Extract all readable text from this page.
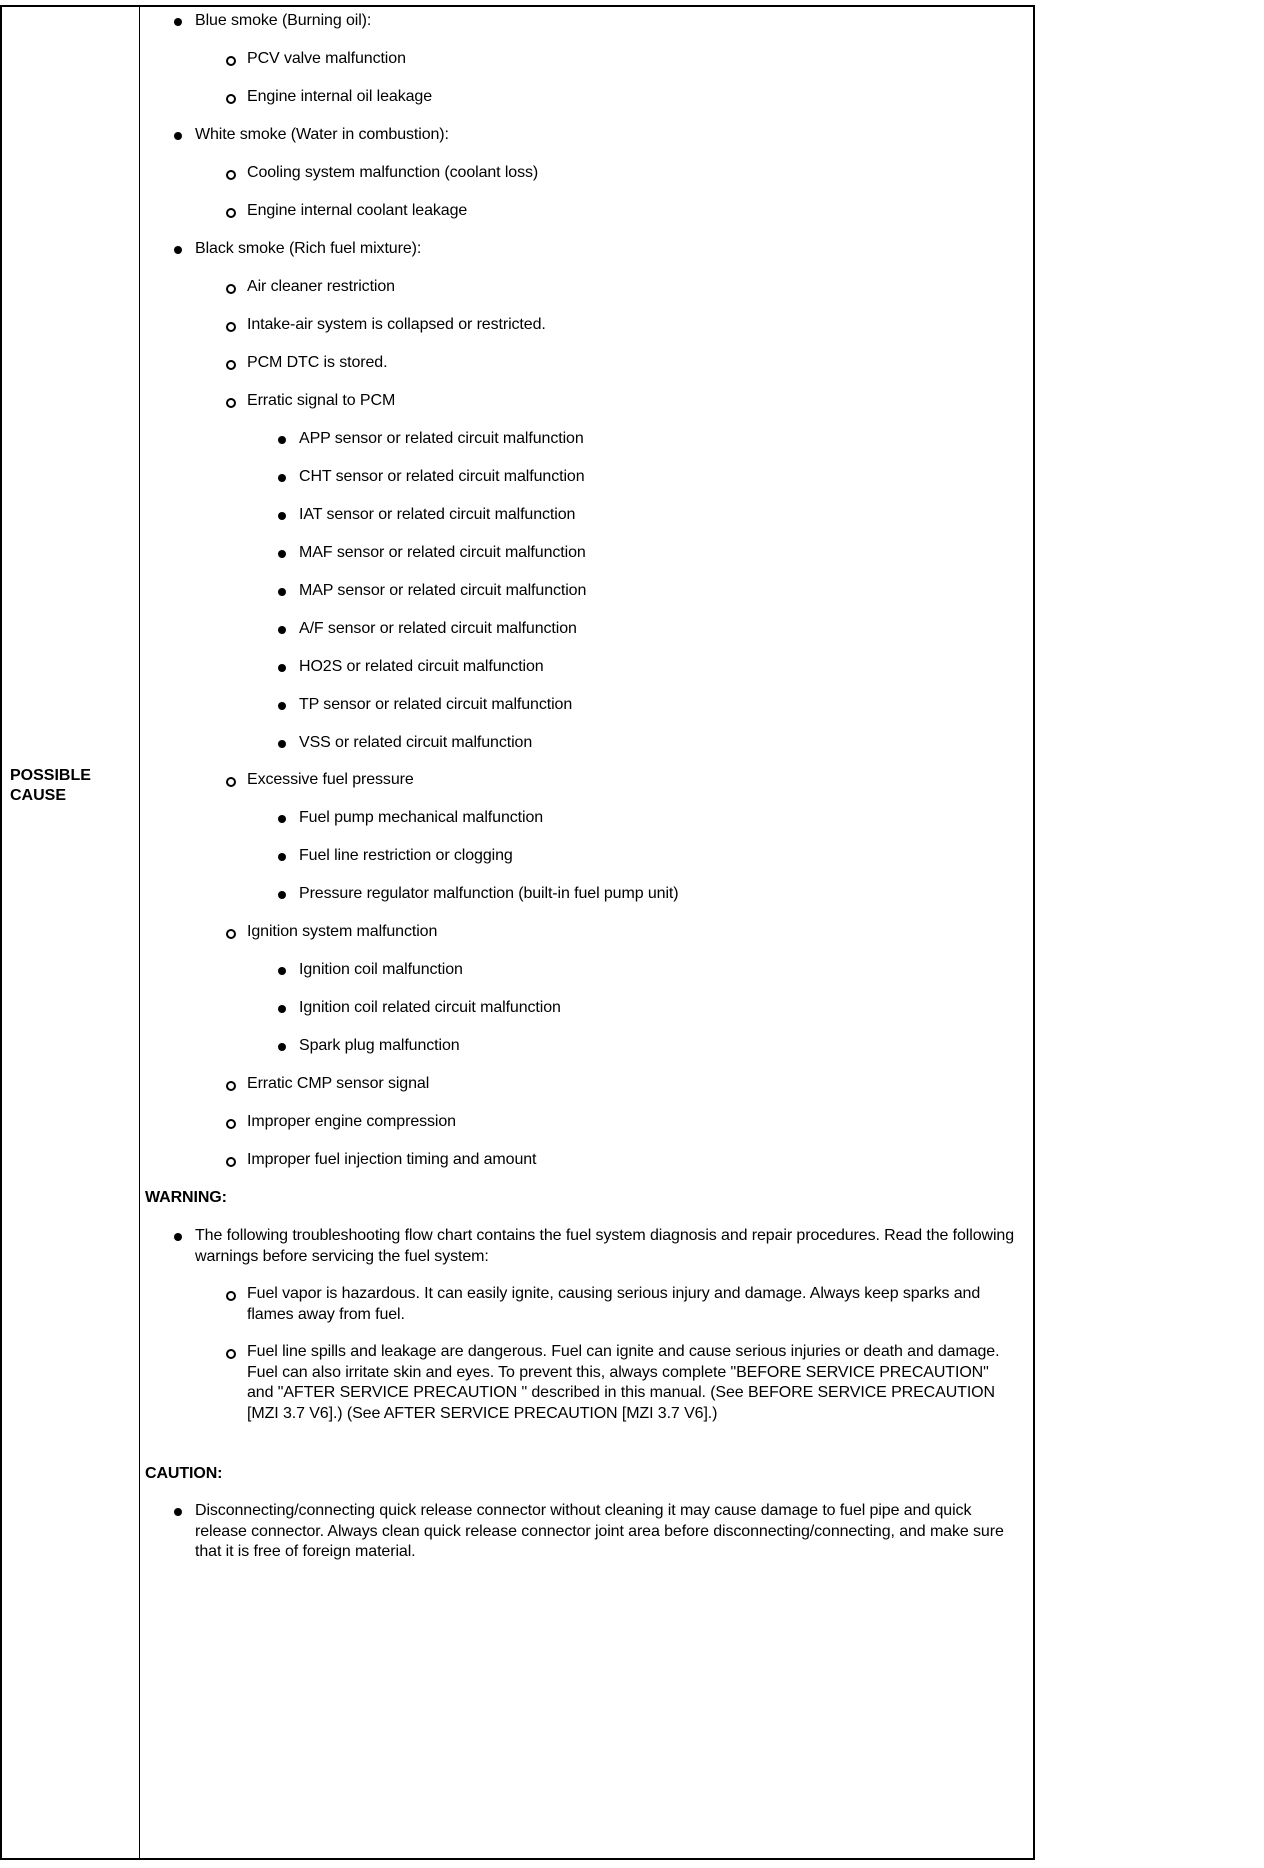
POSSIBLE CAUSE
Blue smoke (Burning oil):
PCV valve malfunction
Engine internal oil leakage
White smoke (Water in combustion):
Cooling system malfunction (coolant loss)
Engine internal coolant leakage
Black smoke (Rich fuel mixture):
Air cleaner restriction
Intake-air system is collapsed or restricted.
PCM DTC is stored.
Erratic signal to PCM
APP sensor or related circuit malfunction
CHT sensor or related circuit malfunction
IAT sensor or related circuit malfunction
MAF sensor or related circuit malfunction
MAP sensor or related circuit malfunction
A/F sensor or related circuit malfunction
HO2S or related circuit malfunction
TP sensor or related circuit malfunction
VSS or related circuit malfunction
Excessive fuel pressure
Fuel pump mechanical malfunction
Fuel line restriction or clogging
Pressure regulator malfunction (built-in fuel pump unit)
Ignition system malfunction
Ignition coil malfunction
Ignition coil related circuit malfunction
Spark plug malfunction
Erratic CMP sensor signal
Improper engine compression
Improper fuel injection timing and amount
WARNING:
The following troubleshooting flow chart contains the fuel system diagnosis and repair procedures. Read the following warnings before servicing the fuel system:
Fuel vapor is hazardous. It can easily ignite, causing serious injury and damage. Always keep sparks and flames away from fuel.
Fuel line spills and leakage are dangerous. Fuel can ignite and cause serious injuries or death and damage. Fuel can also irritate skin and eyes. To prevent this, always complete "BEFORE SERVICE PRECAUTION" and "AFTER SERVICE PRECAUTION " described in this manual. (See BEFORE SERVICE PRECAUTION [MZI 3.7 V6].) (See AFTER SERVICE PRECAUTION [MZI 3.7 V6].)
CAUTION:
Disconnecting/connecting quick release connector without cleaning it may cause damage to fuel pipe and quick release connector. Always clean quick release connector joint area before disconnecting/connecting, and make sure that it is free of foreign material.
